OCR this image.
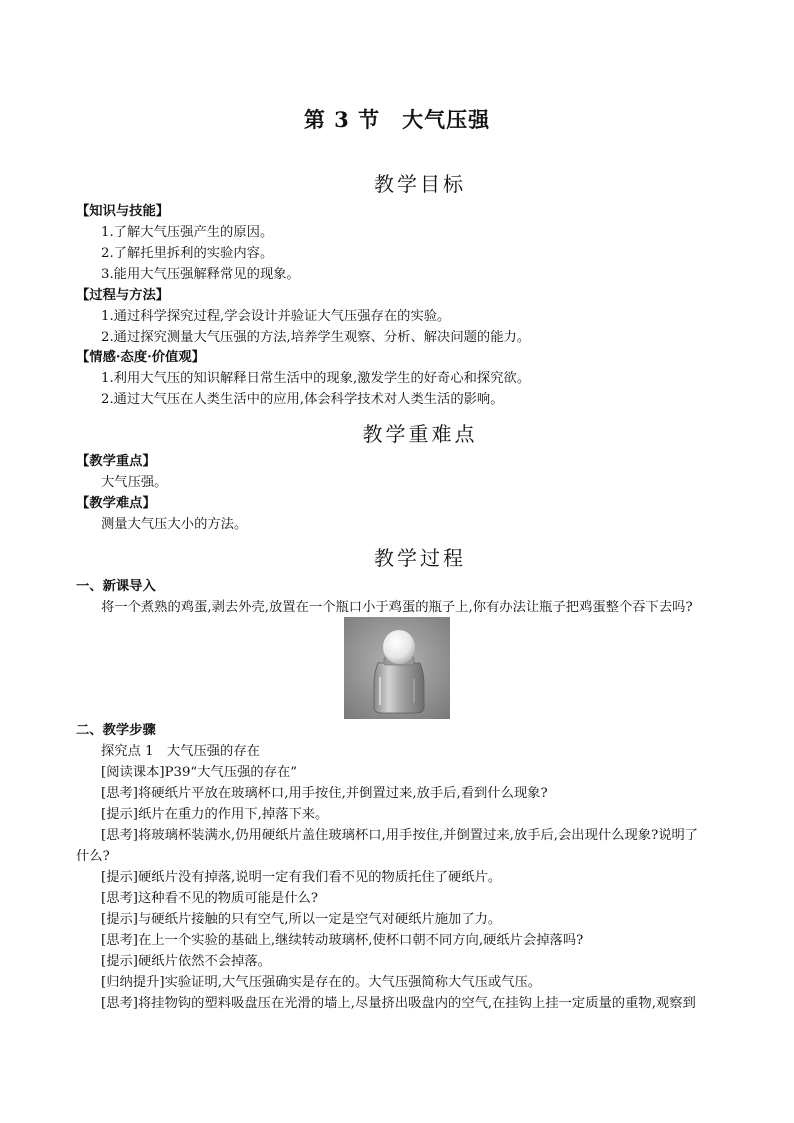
第 3 节 大气压强
教学目标
【知识与技能】
1.了解大气压强产生的原因。
2.了解托里拆利的实验内容。
3.能用大气压强解释常见的现象。
【过程与方法】
1.通过科学探究过程,学会设计并验证大气压强存在的实验。
2.通过探究测量大气压强的方法,培养学生观察、分析、解决问题的能力。
【情感·态度·价值观】
1.利用大气压的知识解释日常生活中的现象,激发学生的好奇心和探究欲。
2.通过大气压在人类生活中的应用,体会科学技术对人类生活的影响。
教学重难点
【教学重点】
大气压强。
【教学难点】
测量大气压大小的方法。
教学过程
一、新课导入
将一个煮熟的鸡蛋,剥去外壳,放置在一个瓶口小于鸡蛋的瓶子上,你有办法让瓶子把鸡蛋整个吞下去吗?
二、教学步骤
探究点 1　大气压强的存在
[阅读课本]P39“大气压强的存在”
[思考]将硬纸片平放在玻璃杯口,用手按住,并倒置过来,放手后,看到什么现象?
[提示]纸片在重力的作用下,掉落下来。
[思考]将玻璃杯装满水,仍用硬纸片盖住玻璃杯口,用手按住,并倒置过来,放手后,会出现什么现象?说明了
什么?
[提示]硬纸片没有掉落,说明一定有我们看不见的物质托住了硬纸片。
[思考]这种看不见的物质可能是什么?
[提示]与硬纸片接触的只有空气,所以一定是空气对硬纸片施加了力。
[思考]在上一个实验的基础上,继续转动玻璃杯,使杯口朝不同方向,硬纸片会掉落吗?
[提示]硬纸片依然不会掉落。
[归纳提升]实验证明,大气压强确实是存在的。大气压强简称大气压或气压。
[思考]将挂物钩的塑料吸盘压在光滑的墙上,尽量挤出吸盘内的空气,在挂钩上挂一定质量的重物,观察到
